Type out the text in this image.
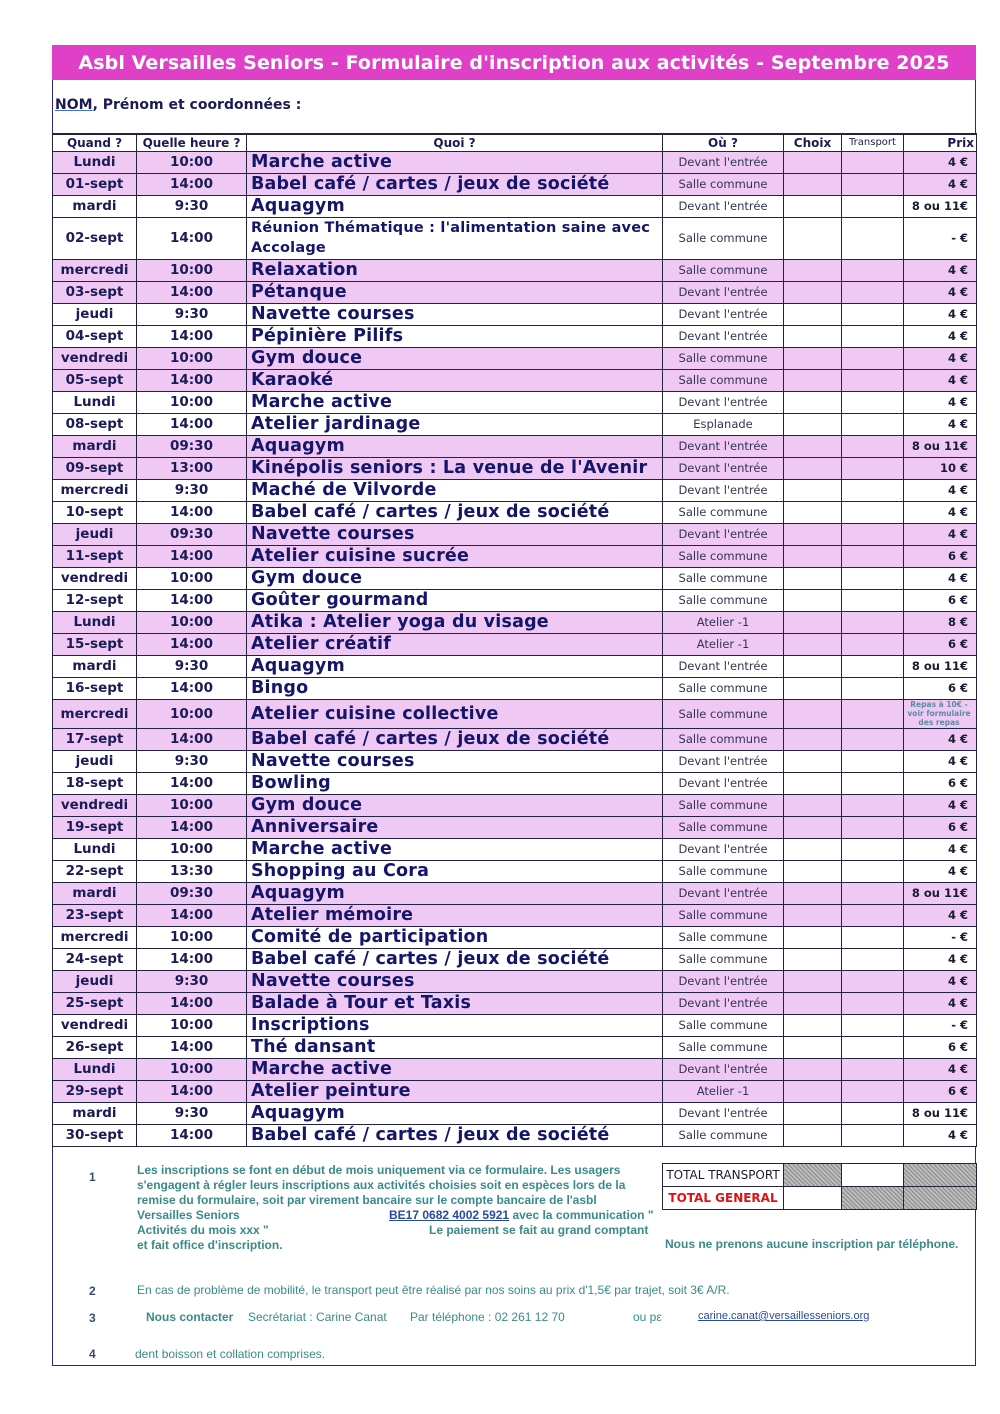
Asbl Versailles Seniors - Formulaire d'inscription aux activités - Septembre 2025
NOM, Prénom et coordonnées :
Quand ?	Quelle heure ?	Quoi ?	Où ?	Choix	Transport	Prix
Lundi	10:00	Marche active	Devant l'entrée			4 €
01-sept	14:00	Babel café / cartes / jeux de société	Salle commune			4 €
mardi	9:30	Aquagym	Devant l'entrée			8 ou 11€
02-sept	14:00	Réunion Thématique : l'alimentation saine avec Accolage	Salle commune			- €
mercredi	10:00	Relaxation	Salle commune			4 €
03-sept	14:00	Pétanque	Devant l'entrée			4 €
jeudi	9:30	Navette courses	Devant l'entrée			4 €
04-sept	14:00	Pépinière Pilifs	Devant l'entrée			4 €
vendredi	10:00	Gym douce	Salle commune			4 €
05-sept	14:00	Karaoké	Salle commune			4 €
Lundi	10:00	Marche active	Devant l'entrée			4 €
08-sept	14:00	Atelier jardinage	Esplanade			4 €
mardi	09:30	Aquagym	Devant l'entrée			8 ou 11€
09-sept	13:00	Kinépolis seniors : La venue de l'Avenir	Devant l'entrée			10 €
mercredi	9:30	Maché de Vilvorde	Devant l'entrée			4 €
10-sept	14:00	Babel café / cartes / jeux de société	Salle commune			4 €
jeudi	09:30	Navette courses	Devant l'entrée			4 €
11-sept	14:00	Atelier cuisine sucrée	Salle commune			6 €
vendredi	10:00	Gym douce	Salle commune			4 €
12-sept	14:00	Goûter gourmand	Salle commune			6 €
Lundi	10:00	Atika : Atelier yoga du visage	Atelier -1			8 €
15-sept	14:00	Atelier créatif	Atelier -1			6 €
mardi	9:30	Aquagym	Devant l'entrée			8 ou 11€
16-sept	14:00	Bingo	Salle commune			6 €
mercredi	10:00	Atelier cuisine collective	Salle commune			Repas à 10€ - voir formulaire des repas
17-sept	14:00	Babel café / cartes / jeux de société	Salle commune			4 €
jeudi	9:30	Navette courses	Devant l'entrée			4 €
18-sept	14:00	Bowling	Devant l'entrée			6 €
vendredi	10:00	Gym douce	Salle commune			4 €
19-sept	14:00	Anniversaire	Salle commune			6 €
Lundi	10:00	Marche active	Devant l'entrée			4 €
22-sept	13:30	Shopping au Cora	Salle commune			4 €
mardi	09:30	Aquagym	Devant l'entrée			8 ou 11€
23-sept	14:00	Atelier mémoire	Salle commune			4 €
mercredi	10:00	Comité de participation	Salle commune			- €
24-sept	14:00	Babel café / cartes / jeux de société	Salle commune			4 €
jeudi	9:30	Navette courses	Devant l'entrée			4 €
25-sept	14:00	Balade à Tour et Taxis	Devant l'entrée			4 €
vendredi	10:00	Inscriptions	Salle commune			- €
26-sept	14:00	Thé dansant	Salle commune			6 €
Lundi	10:00	Marche active	Devant l'entrée			4 €
29-sept	14:00	Atelier peinture	Atelier -1			6 €
mardi	9:30	Aquagym	Devant l'entrée			8 ou 11€
30-sept	14:00	Babel café / cartes / jeux de société	Salle commune			4 €
TOTAL TRANSPORT			
TOTAL GENERAL			
1	Les inscriptions se font en début de mois uniquement via ce formulaire. Les usagers
s'engagent à régler leurs inscriptions aux activités choisies soit en espèces lors de la
remise du formulaire, soit par virement bancaire sur le compte bancaire de l'asbl
Versailles Seniors	BE17 0682 4002 5921 avec la communication "
Activités du mois xxx "	Le paiement se fait au grand comptant
et fait office d'inscription.	Nous ne prenons aucune inscription par téléphone.
2	En cas de problème de mobilité, le transport peut être réalisé par nos soins au prix d'1,5€ par trajet, soit 3€ A/R.
3	Nous contacter Secrétariat : Carine Canat Par téléphone : 02 261 12 70	ou pε	carine.canat@versaillesseniors.org
4	dent boisson et collation comprises.
